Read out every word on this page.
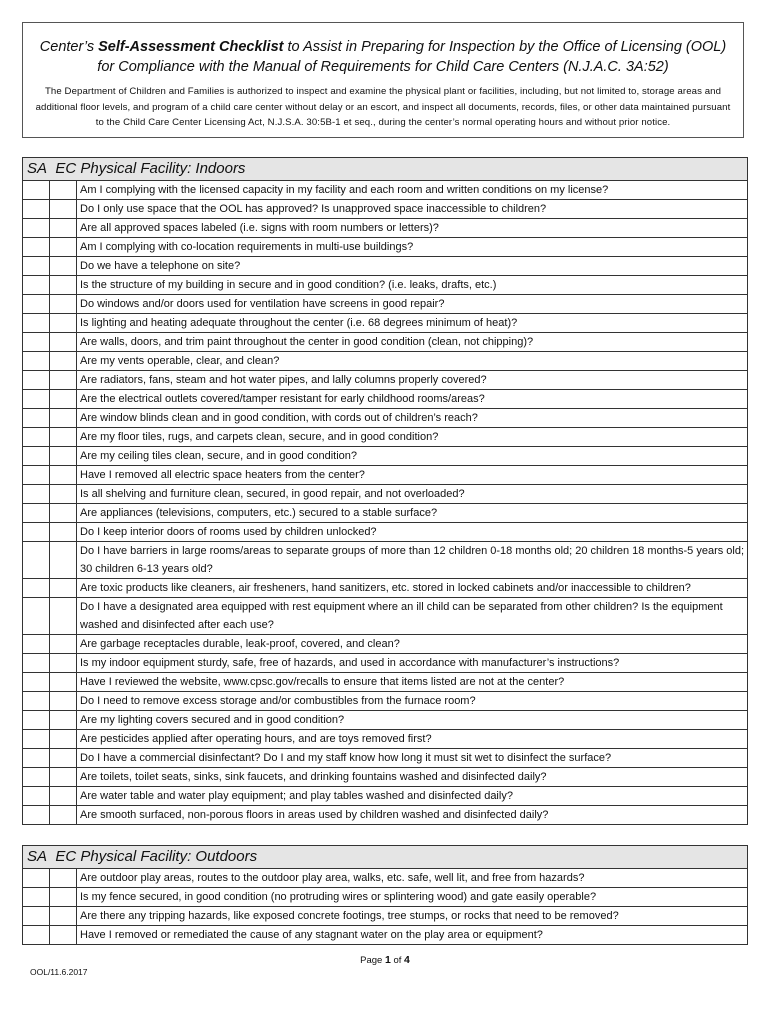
Center’s Self-Assessment Checklist to Assist in Preparing for Inspection by the Office of Licensing (OOL)

for Compliance with the Manual of Requirements for Child Care Centers (N.J.A.C. 3A:52)

The Department of Children and Families is authorized to inspect and examine the physical plant or facilities, including, but not limited to, storage areas and additional floor levels, and program of a child care center without delay or an escort, and inspect all documents, records, files, or other data maintained pursuant to the Child Care Center Licensing Act, N.J.S.A. 30:5B-1 et seq., during the center’s normal operating hours and without prior notice.
SA EC Physical Facility: Indoors		
		Am I complying with the licensed capacity in my facility and each room and written conditions on my license?
		Do I only use space that the OOL has approved? Is unapproved space inaccessible to children?
		Are all approved spaces labeled (i.e. signs with room numbers or letters)?
		Am I complying with co-location requirements in multi-use buildings?
		Do we have a telephone on site?
		Is the structure of my building in secure and in good condition? (i.e. leaks, drafts, etc.)
		Do windows and/or doors used for ventilation have screens in good repair?
		Is lighting and heating adequate throughout the center (i.e. 68 degrees minimum of heat)?
		Are walls, doors, and trim paint throughout the center in good condition (clean, not chipping)?
		Are my vents operable, clear, and clean?
		Are radiators, fans, steam and hot water pipes, and lally columns properly covered?
		Are the electrical outlets covered/tamper resistant for early childhood rooms/areas?
		Are window blinds clean and in good condition, with cords out of children’s reach?
		Are my floor tiles, rugs, and carpets clean, secure, and in good condition?
		Are my ceiling tiles clean, secure, and in good condition?
		Have I removed all electric space heaters from the center?
		Is all shelving and furniture clean, secured, in good repair, and not overloaded?
		Are appliances (televisions, computers, etc.) secured to a stable surface?
		Do I keep interior doors of rooms used by children unlocked?
		Do I have barriers in large rooms/areas to separate groups of more than 12 children 0-18 months old; 20 children 18 months-5 years old; 30 children 6-13 years old?
		Are toxic products like cleaners, air fresheners, hand sanitizers, etc. stored in locked cabinets and/or inaccessible to children?
		Do I have a designated area equipped with rest equipment where an ill child can be separated from other children? Is the equipment washed and disinfected after each use?
		Are garbage receptacles durable, leak-proof, covered, and clean?
		Is my indoor equipment sturdy, safe, free of hazards, and used in accordance with manufacturer’s instructions?
		Have I reviewed the website, www.cpsc.gov/recalls to ensure that items listed are not at the center?
		Do I need to remove excess storage and/or combustibles from the furnace room?
		Are my lighting covers secured and in good condition?
		Are pesticides applied after operating hours, and are toys removed first?
		Do I have a commercial disinfectant? Do I and my staff know how long it must sit wet to disinfect the surface?
		Are toilets, toilet seats, sinks, sink faucets, and drinking fountains washed and disinfected daily?
		Are water table and water play equipment; and play tables washed and disinfected daily?
		Are smooth surfaced, non-porous floors in areas used by children washed and disinfected daily?
SA EC Physical Facility: Outdoors		
		Are outdoor play areas, routes to the outdoor play area, walks, etc. safe, well lit, and free from hazards?
		Is my fence secured, in good condition (no protruding wires or splintering wood) and gate easily operable?
		Are there any tripping hazards, like exposed concrete footings, tree stumps, or rocks that need to be removed?
		Have I removed or remediated the cause of any stagnant water on the play area or equipment?
Page 1 of 4
OOL/11.6.2017
